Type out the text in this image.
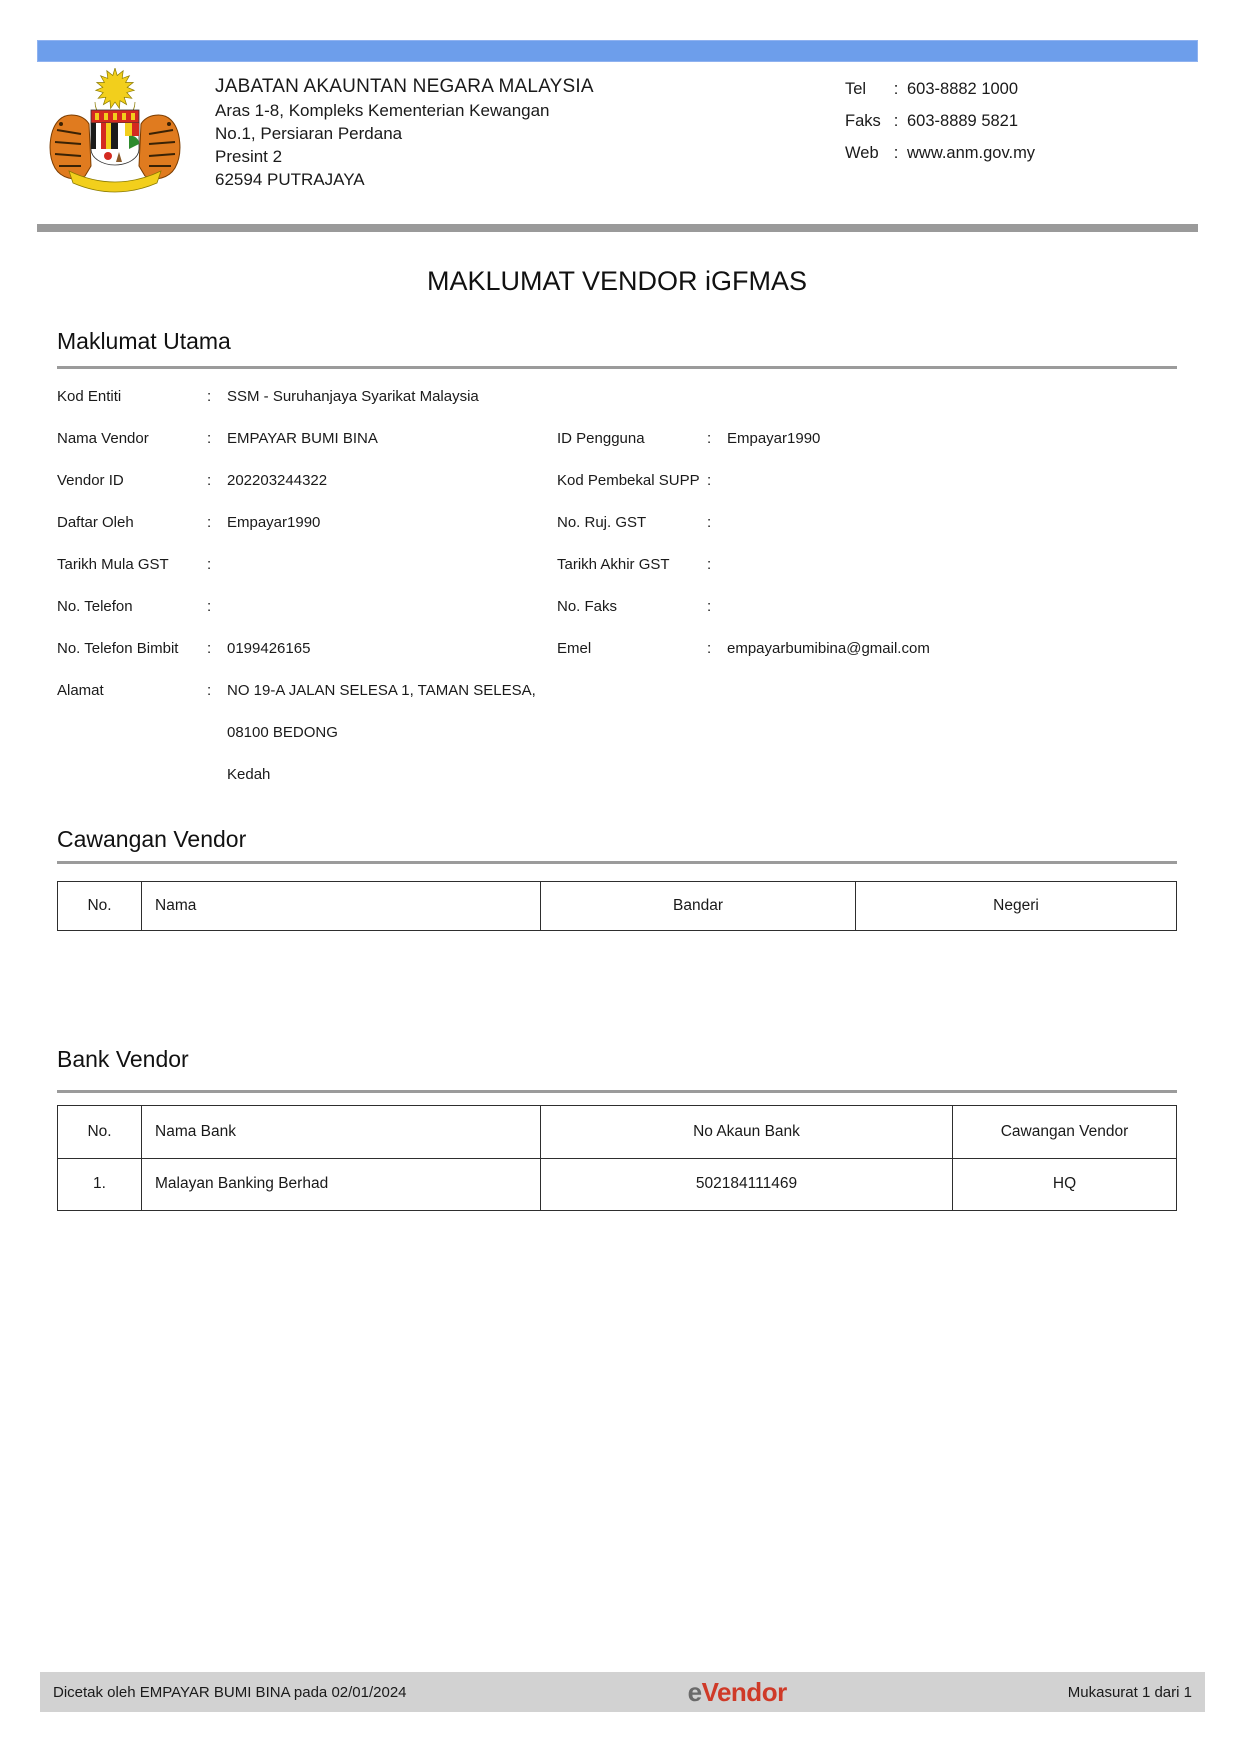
JABATAN AKAUNTAN NEGARA MALAYSIA
Aras 1-8, Kompleks Kementerian Kewangan
No.1, Persiaran Perdana
Presint 2
62594 PUTRAJAYA
Tel : 603-8882 1000
Faks : 603-8889 5821
Web : www.anm.gov.my
MAKLUMAT VENDOR iGFMAS
Maklumat Utama
Kod Entiti	: SSM - Suruhanjaya Syarikat Malaysia
Nama Vendor	: EMPAYAR BUMI BINA	ID Pengguna	: Empayar1990
Vendor ID	: 202203244322	Kod Pembekal SUPP :
Daftar Oleh	: Empayar1990	No. Ruj. GST	:
Tarikh Mula GST	:	Tarikh Akhir GST :
No. Telefon	:	No. Faks	:
No. Telefon Bimbit : 0199426165	Emel	: empayarbumibina@gmail.com
Alamat	: NO 19-A JALAN SELESA 1, TAMAN SELESA,
08100 BEDONG
Kedah
Cawangan Vendor
No.	Nama	Bandar	Negeri
Bank Vendor
No.	Nama Bank	No Akaun Bank	Cawangan Vendor
1.	Malayan Banking Berhad	502184111469	HQ
Dicetak oleh EMPAYAR BUMI BINA pada 02/01/2024	eVendor	Mukasurat 1 dari 1
